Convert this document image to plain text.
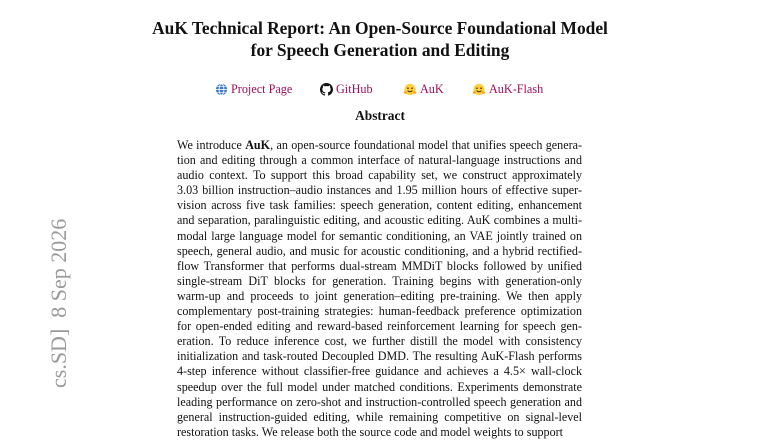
AuK Technical Report: An Open-Source Foundational Model
for Speech Generation and Editing
Project Page	GitHub	AuK	AuK-Flash
Abstract
We introduce AuK, an open-source foundational model that unifies speech genera-
tion and editing through a common interface of natural-language instructions and
audio context. To support this broad capability set, we construct approximately
3.03 billion instruction–audio instances and 1.95 million hours of effective super-
vision across five task families: speech generation, content editing, enhancement
and separation, paralinguistic editing, and acoustic editing. AuK combines a multi-
modal large language model for semantic conditioning, an VAE jointly trained on
speech, general audio, and music for acoustic conditioning, and a hybrid rectified-
flow Transformer that performs dual-stream MMDiT blocks followed by unified
single-stream DiT blocks for generation. Training begins with generation-only
warm-up and proceeds to joint generation–editing pre-training. We then apply
complementary post-training strategies: human-feedback preference optimization
for open-ended editing and reward-based reinforcement learning for speech gen-
eration. To reduce inference cost, we further distill the model with consistency
initialization and task-routed Decoupled DMD. The resulting AuK-Flash performs
4-step inference without classifier-free guidance and achieves a 4.5× wall-clock
speedup over the full model under matched conditions. Experiments demonstrate
leading performance on zero-shot and instruction-controlled speech generation and
general instruction-guided editing, while remaining competitive on signal-level
restoration tasks. We release both the source code and model weights to support
cs.SD]  8 Sep 2026
